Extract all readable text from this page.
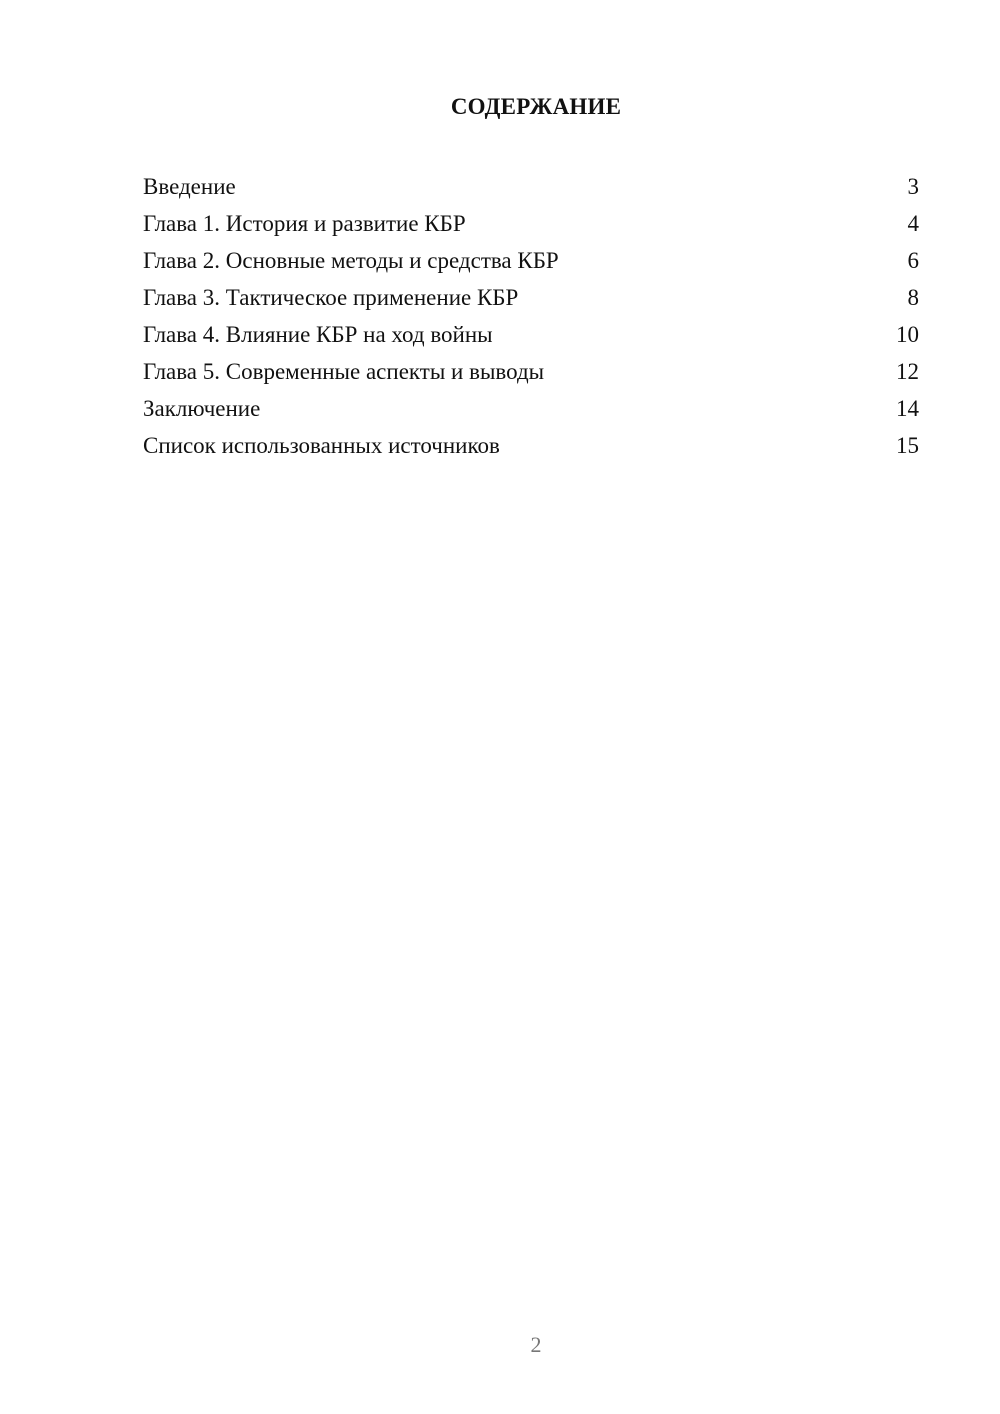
СОДЕРЖАНИЕ
Введение	3
Глава 1. История и развитие КБР	4
Глава 2. Основные методы и средства КБР	6
Глава 3. Тактическое применение КБР	8
Глава 4. Влияние КБР на ход войны	10
Глава 5. Современные аспекты и выводы	12
Заключение	14
Список использованных источников	15
2
